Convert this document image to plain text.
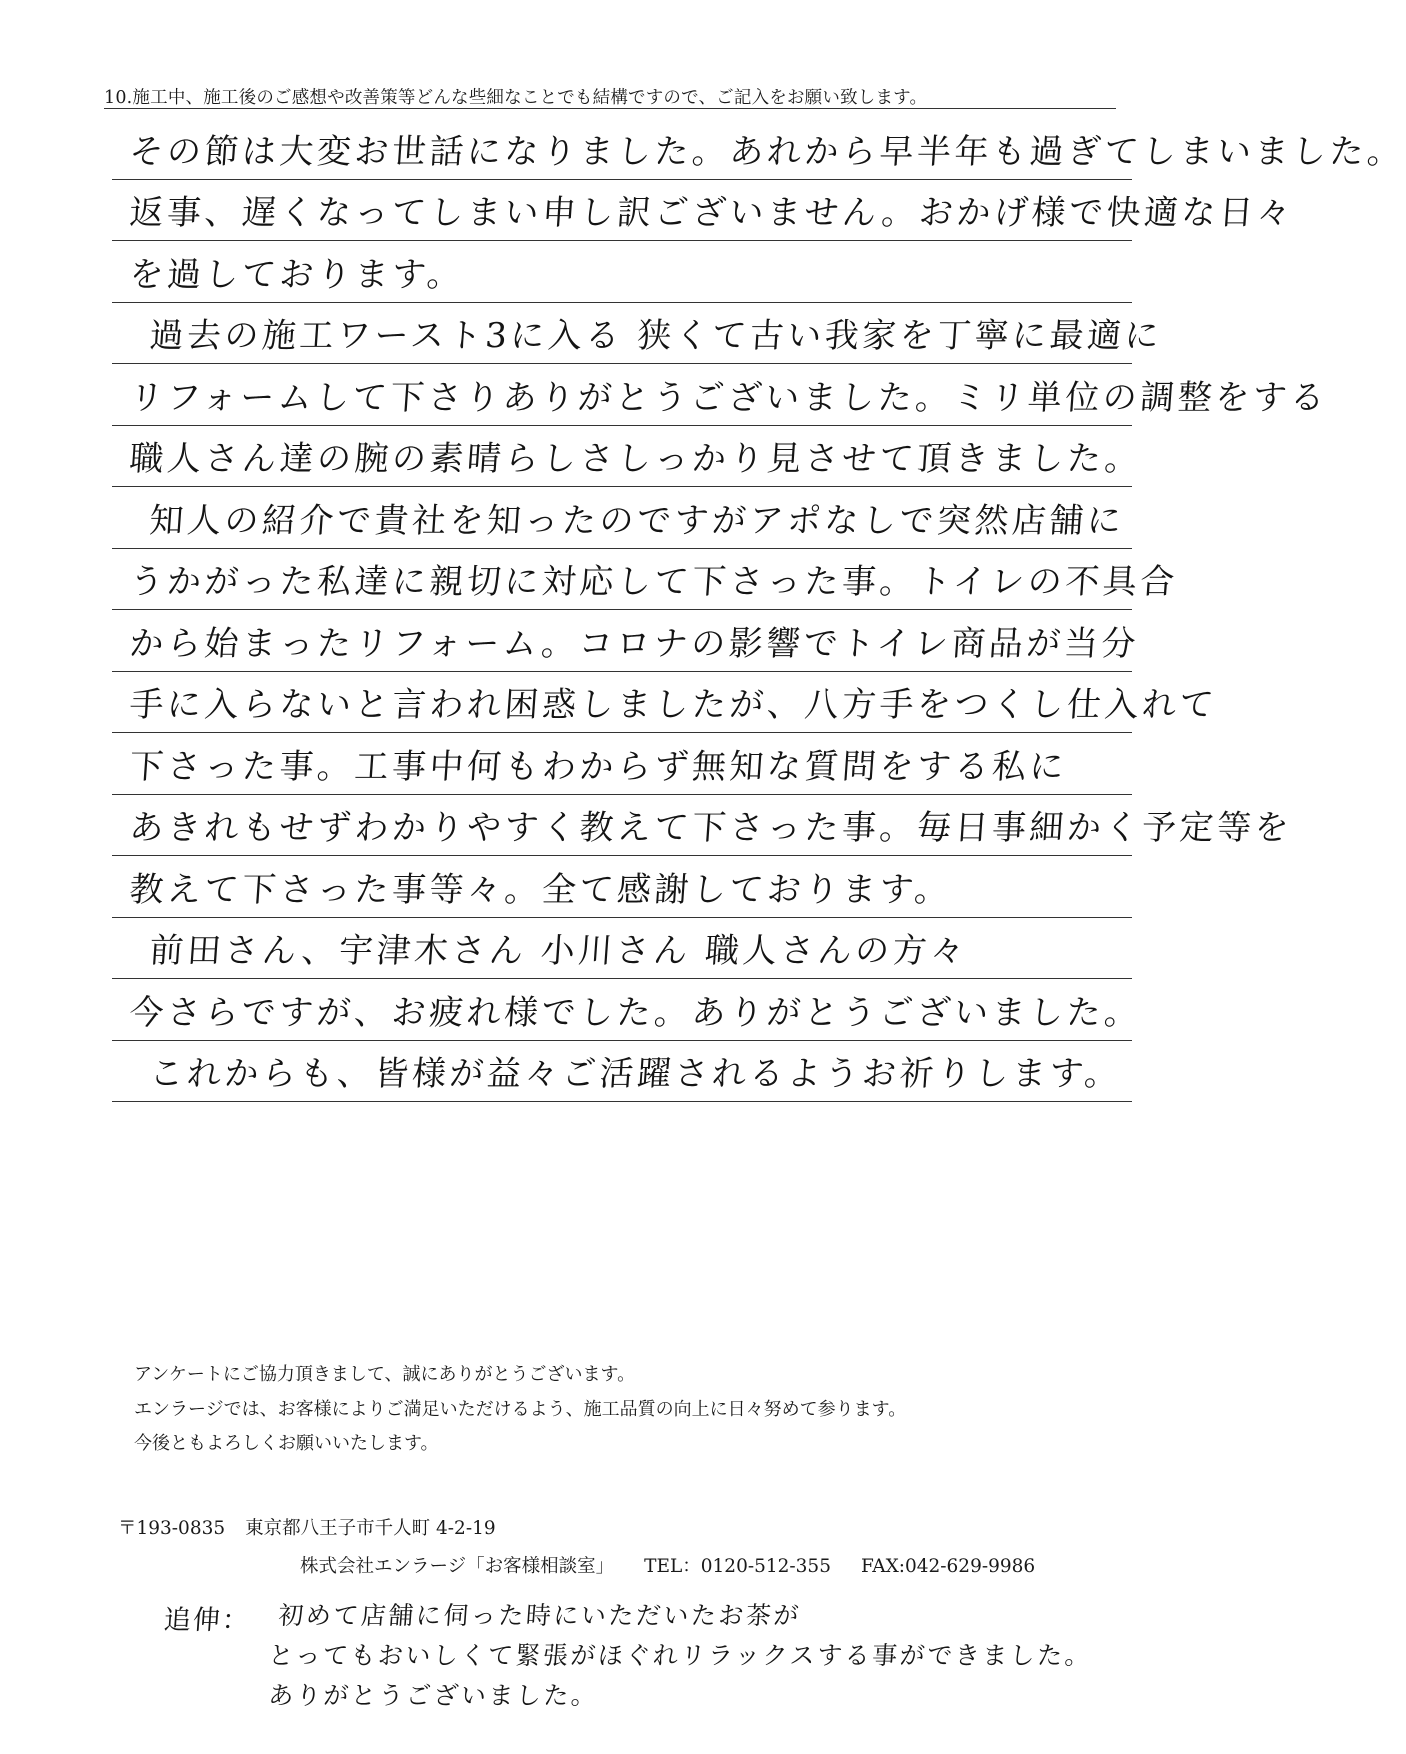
10.施工中、施工後のご感想や改善策等どんな些細なことでも結構ですので、ご記入をお願い致します。
その節は大変お世話になりました。あれから早半年も過ぎてしまいました。
返事、遅くなってしまい申し訳ございません。おかげ様で快適な日々
を過しております。
過去の施工ワースト3に入る 狭くて古い我家を丁寧に最適に
リフォームして下さりありがとうございました。ミリ単位の調整をする
職人さん達の腕の素晴らしさしっかり見させて頂きました。
知人の紹介で貴社を知ったのですがアポなしで突然店舗に
うかがった私達に親切に対応して下さった事。トイレの不具合
から始まったリフォーム。コロナの影響でトイレ商品が当分
手に入らないと言われ困惑しましたが、八方手をつくし仕入れて
下さった事。工事中何もわからず無知な質問をする私に
あきれもせずわかりやすく教えて下さった事。毎日事細かく予定等を
教えて下さった事等々。全て感謝しております。
前田さん、宇津木さん 小川さん 職人さんの方々
今さらですが、お疲れ様でした。ありがとうございました。
これからも、皆様が益々ご活躍されるようお祈りします。
アンケートにご協力頂きまして、誠にありがとうございます。
エンラージでは、お客様によりご満足いただけるよう、施工品質の向上に日々努めて参ります。
今後ともよろしくお願いいたします。
〒193-0835 東京都八王子市千人町 4-2-19
株式会社エンラージ「お客様相談室」 TEL：0120-512-355 FAX:042-629-9986
追伸： 初めて店舗に伺った時にいただいたお茶が
とってもおいしくて緊張がほぐれリラックスする事ができました。
ありがとうございました。
